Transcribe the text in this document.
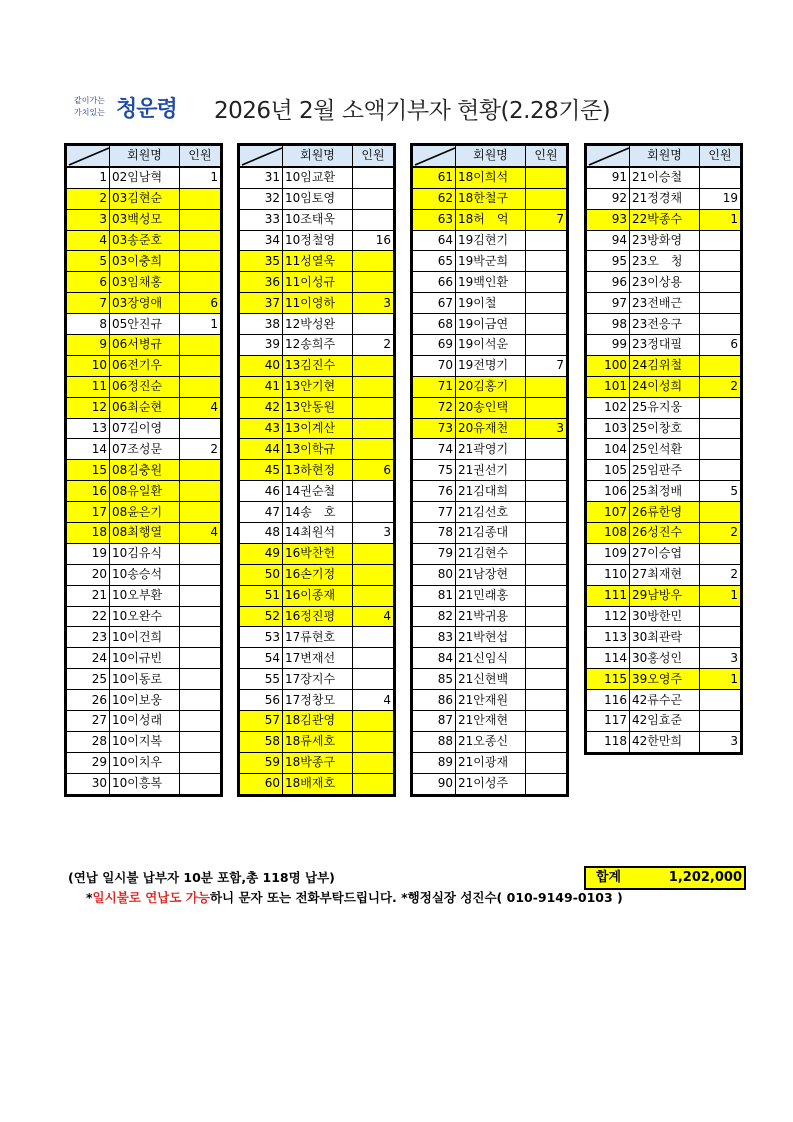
같이가는
가치있는 청운령 2026년 2월 소액기부자 현황(2.28기준)
	회원명	인원
1	02임남혁	1
2	03김현순	
3	03백성모	
4	03송준호	
5	03이충희	
6	03임채홍	
7	03장영애	6
8	05안진규	1
9	06서병규	
10	06전기우	
11	06정진순	
12	06최순현	4
13	07김이영	
14	07조성문	2
15	08김충원	
16	08유일환	
17	08윤은기	
18	08최행열	4
19	10김유식	
20	10송승석	
21	10오부환	
22	10오완수	
23	10이건희	
24	10이규빈	
25	10이동로	
26	10이보웅	
27	10이성래	
28	10이지복	
29	10이치우	
30	10이흥복	
	회원명	인원
31	10임교환	
32	10임토영	
33	10조태욱	
34	10정철영	16
35	11성열욱	
36	11이성규	
37	11이영하	3
38	12박성완	
39	12송희주	2
40	13김진수	
41	13안기현	
42	13안동원	
43	13이계산	
44	13이학규	
45	13하현정	6
46	14권순철	
47	14송　호	
48	14최원석	3
49	16박찬헌	
50	16손기정	
51	16이종재	
52	16정진평	4
53	17류현호	
54	17변재선	
55	17장지수	
56	17정창모	4
57	18김관영	
58	18류세호	
59	18박종구	
60	18배재호	
	회원명	인원
61	18이희석	
62	18한철구	
63	18허　억	7
64	19김현기	
65	19박군희	
66	19백인환	
67	19이철	
68	19이금연	
69	19이석운	
70	19전명기	7
71	20김홍기	
72	20송인택	
73	20유재천	3
74	21곽영기	
75	21권선기	
76	21김대희	
77	21김선호	
78	21김종대	
79	21김현수	
80	21남장현	
81	21민래홍	
82	21박귀용	
83	21박현섭	
84	21신임식	
85	21신현백	
86	21안재원	
87	21안재현	
88	21오종신	
89	21이광재	
90	21이성주	
	회원명	인원
91	21이승철	
92	21정경채	19
93	22박종수	1
94	23방화영	
95	23오　청	
96	23이상용	
97	23전배근	
98	23전응구	
99	23정대필	6
100	24김위철	
101	24이성희	2
102	25유지웅	
103	25이창호	
104	25인석환	
105	25임판주	
106	25최정배	5
107	26류한영	
108	26성진수	2
109	27이승엽	
110	27최재현	2
111	29남방우	1
112	30방한민	
113	30최관락	
114	30홍성인	3
115	39오영주	1
116	42류수곤	
117	42임효준	
118	42한만희	3
(연납 일시불 납부자 10분 포함,총 118명 납부)
*일시불로 연납도 가능하니 문자 또는 전화부탁드립니다. *행정실장 성진수( 010-9149-0103 )
합계	1,202,000
